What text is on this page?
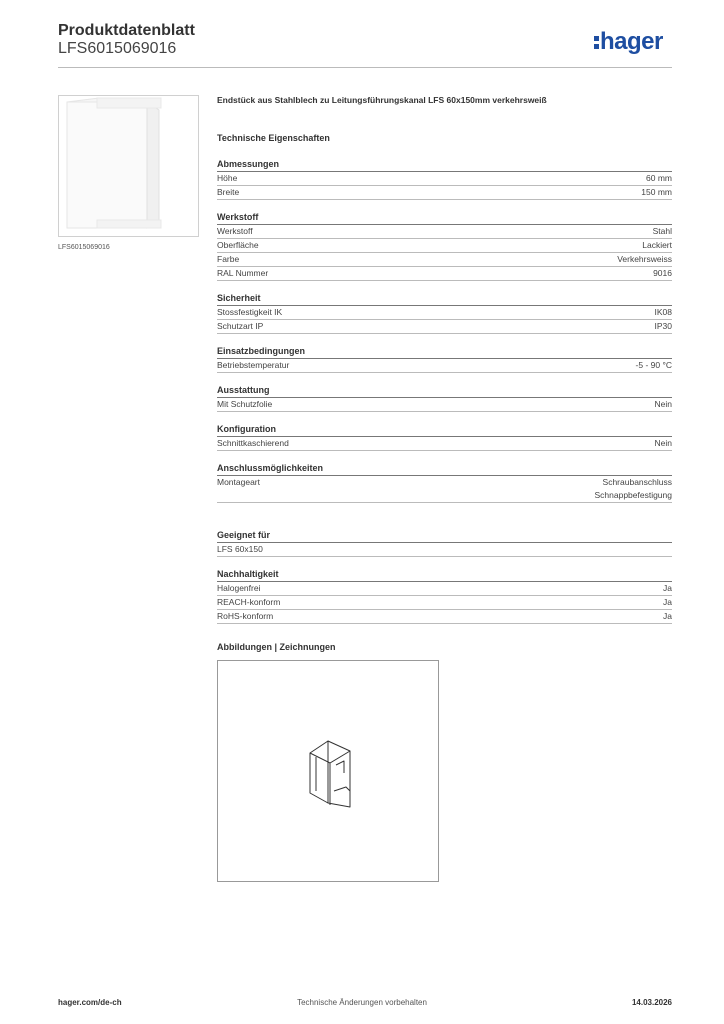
Produktdatenblatt
LFS6015069016	hager
LFS6015069016
Endstück aus Stahlblech zu Leitungsführungskanal LFS 60x150mm verkehrsweiß
Technische Eigenschaften
Abmessungen
Höhe	60 mm
Breite	150 mm
Werkstoff
Werkstoff	Stahl
Oberfläche	Lackiert
Farbe	Verkehrsweiss
RAL Nummer	9016
Sicherheit
Stossfestigkeit IK	IK08
Schutzart IP	IP30
Einsatzbedingungen
Betriebstemperatur	-5 - 90 °C
Ausstattung
Mit Schutzfolie	Nein
Konfiguration
Schnittkaschierend	Nein
Anschlussmöglichkeiten
Montageart	Schraubanschluss
Schnappbefestigung
Geeignet für
LFS 60x150
Nachhaltigkeit
Halogenfrei	Ja
REACH-konform	Ja
RoHS-konform	Ja
Abbildungen | Zeichnungen
hager.com/de-ch	Technische Änderungen vorbehalten	14.03.2026
